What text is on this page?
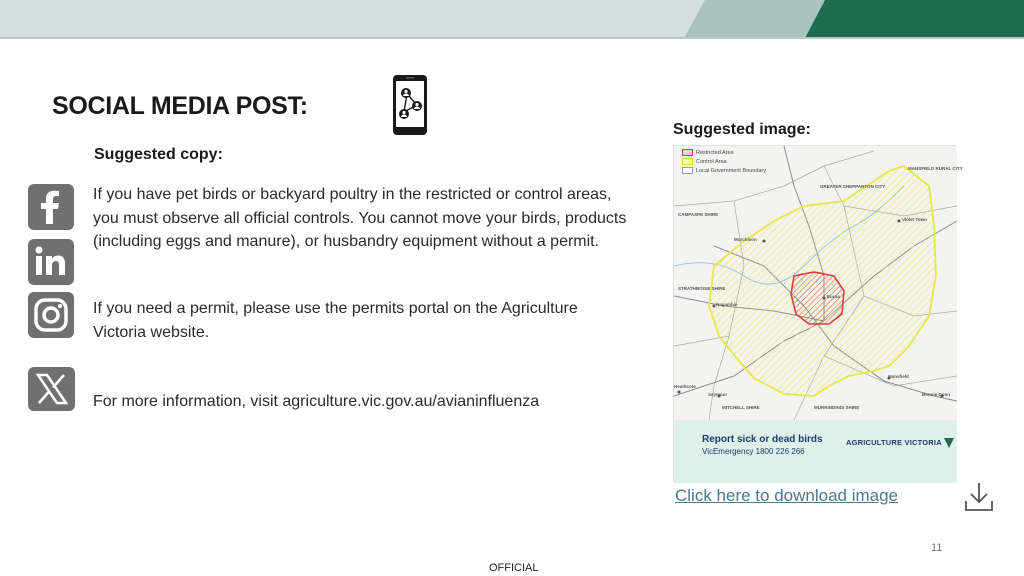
SOCIAL MEDIA POST:
Suggested copy:
If you have pet birds or backyard poultry in the restricted or control areas, you must observe all official controls. You cannot move your birds, products (including eggs and manure), or husbandry equipment without a permit.
If you need a permit, please use the permits portal on the Agriculture Victoria website.
For more information, visit agriculture.vic.gov.au/avianinfluenza
Suggested image:
Restricted Area
Control Area
Local Government Boundary	MANSFIELD RURAL CITY
GREATER SHEPPARTON CITY
CAMPASPE SHIRE
STRATHBOGIE SHIRE
MITCHELL SHIRE	MURRINDINDI SHIRE
Nagambie
Euroa
Violet Town
Murchison
Seymour
Mansfield
Bonnie Doon
Heathcote
Report sick or dead birds
VicEmergency 1800 226 266
AGRICULTURE VICTORIA
Click here to download image
11
OFFICIAL
